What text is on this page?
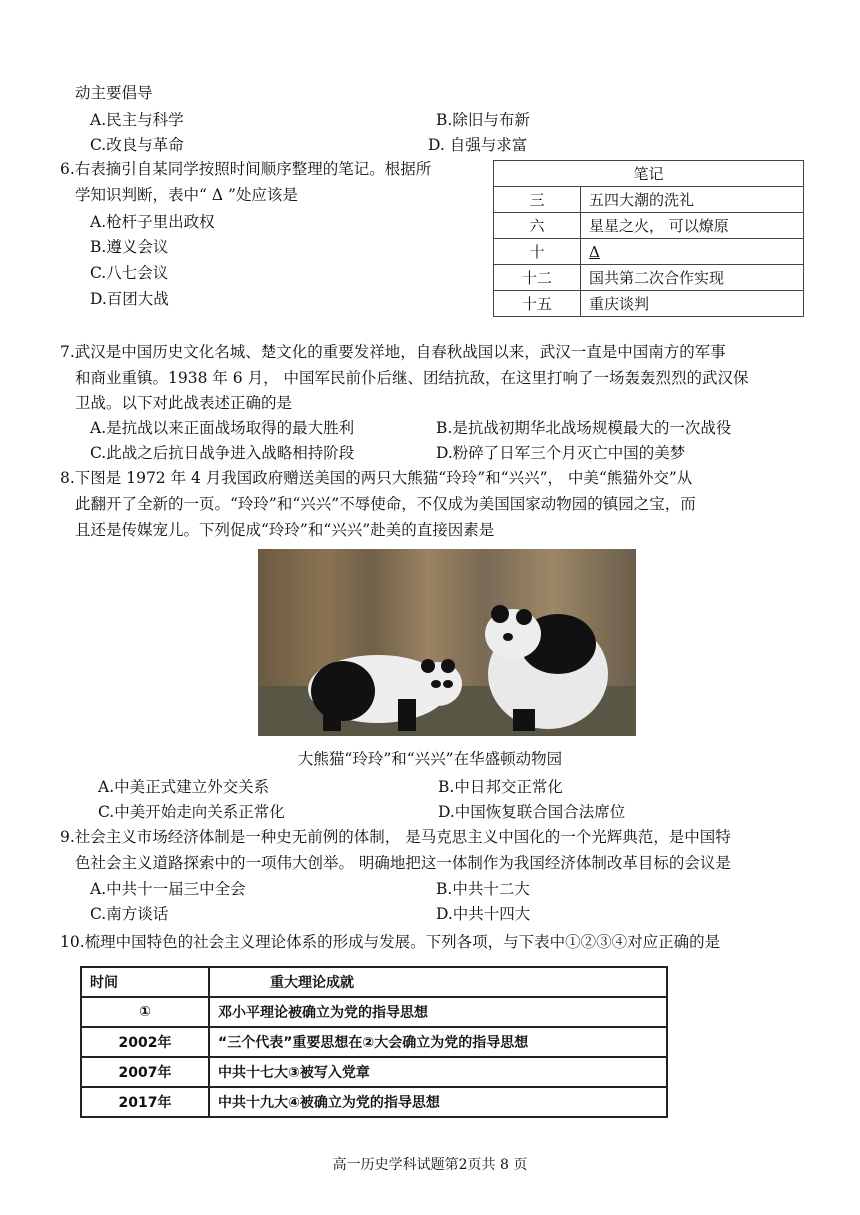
动主要倡导
A.民主与科学	B.除旧与布新
C.改良与革命	D. 自强与求富
6.右表摘引自某同学按照时间顺序整理的笔记。根据所
学知识判断，表中“ Δ ”处应该是
A.枪杆子里出政权
B.遵义会议
C.八七会议
D.百团大战
笔记	
三	五四大潮的洗礼
六	星星之火， 可以燎原
十	Δ
十二	国共第二次合作实现
十五	重庆谈判
7.武汉是中国历史文化名城、楚文化的重要发祥地，自春秋战国以来，武汉一直是中国南方的军事
和商业重镇。1938 年 6 月， 中国军民前仆后继、团结抗敌，在这里打响了一场轰轰烈烈的武汉保
卫战。以下对此战表述正确的是
A.是抗战以来正面战场取得的最大胜利	B.是抗战初期华北战场规模最大的一次战役
C.此战之后抗日战争进入战略相持阶段	D.粉碎了日军三个月灭亡中国的美梦
8.下图是 1972 年 4 月我国政府赠送美国的两只大熊猫“玲玲”和“兴兴”， 中美“熊猫外交”从
此翻开了全新的一页。“玲玲”和“兴兴”不辱使命，不仅成为美国国家动物园的镇园之宝，而
且还是传媒宠儿。下列促成“玲玲”和“兴兴”赴美的直接因素是
大熊猫“玲玲”和“兴兴”在华盛顿动物园
A.中美正式建立外交关系	B.中日邦交正常化
C.中美开始走向关系正常化	D.中国恢复联合国合法席位
9.社会主义市场经济体制是一种史无前例的体制， 是马克思主义中国化的一个光辉典范，是中国特
色社会主义道路探索中的一项伟大创举。 明确地把这一体制作为我国经济体制改革目标的会议是
A.中共十一届三中全会	B.中共十二大
C.南方谈话	D.中共十四大
10.梳理中国特色的社会主义理论体系的形成与发展。下列各项，与下表中①②③④对应正确的是
时间	重大理论成就
①	邓小平理论被确立为党的指导思想
2002年	“三个代表”重要思想在②大会确立为党的指导思想
2007年	中共十七大③被写入党章
2017年	中共十九大④被确立为党的指导思想
高一历史学科试题第2页共 8 页
